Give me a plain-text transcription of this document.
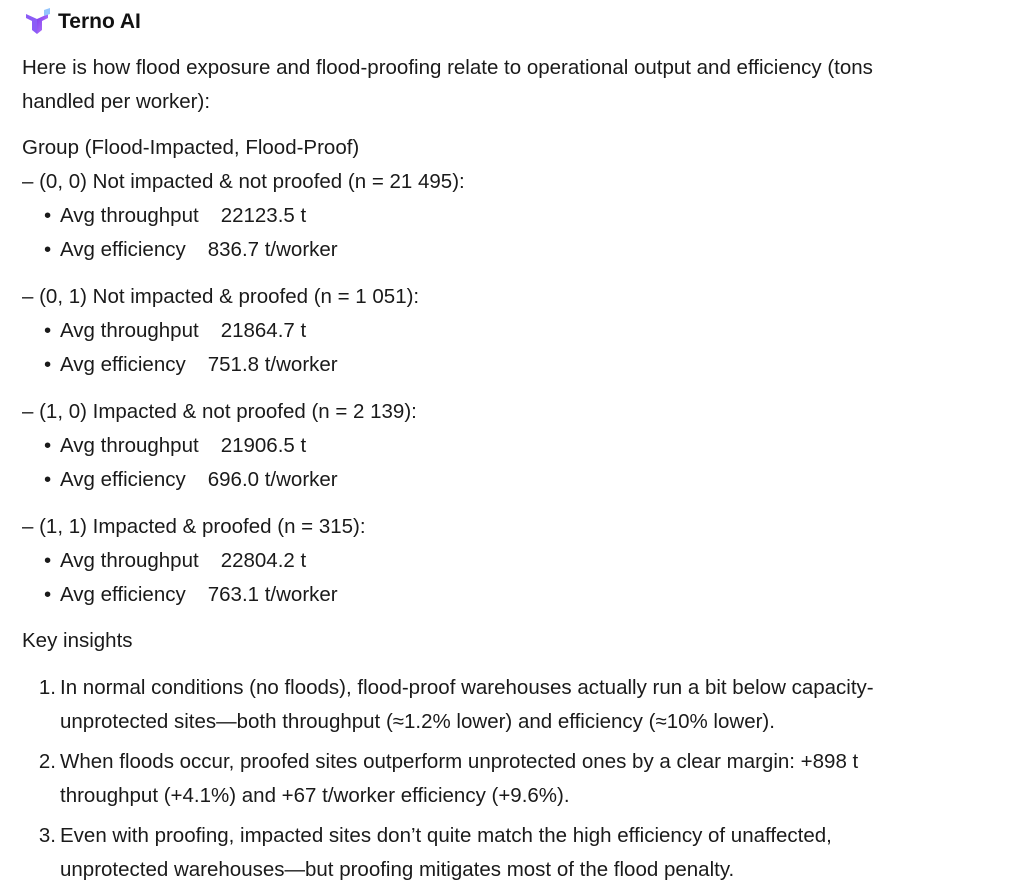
Terno AI
Here is how flood exposure and flood-proofing relate to operational output and efficiency (tons
handled per worker):
Group (Flood-Impacted, Flood-Proof)
– (0, 0) Not impacted & not proofed (n = 21 495):
• Avg throughput 22123.5 t
• Avg efficiency 836.7 t/worker
– (0, 1) Not impacted & proofed (n = 1 051):
• Avg throughput 21864.7 t
• Avg efficiency 751.8 t/worker
– (1, 0) Impacted & not proofed (n = 2 139):
• Avg throughput 21906.5 t
• Avg efficiency 696.0 t/worker
– (1, 1) Impacted & proofed (n = 315):
• Avg throughput 22804.2 t
• Avg efficiency 763.1 t/worker
Key insights
1. In normal conditions (no floods), flood-proof warehouses actually run a bit below capacity-
unprotected sites—both throughput (≈1.2% lower) and efficiency (≈10% lower).
2. When floods occur, proofed sites outperform unprotected ones by a clear margin: +898 t
throughput (+4.1%) and +67 t/worker efficiency (+9.6%).
3. Even with proofing, impacted sites don’t quite match the high efficiency of unaffected,
unprotected warehouses—but proofing mitigates most of the flood penalty.
